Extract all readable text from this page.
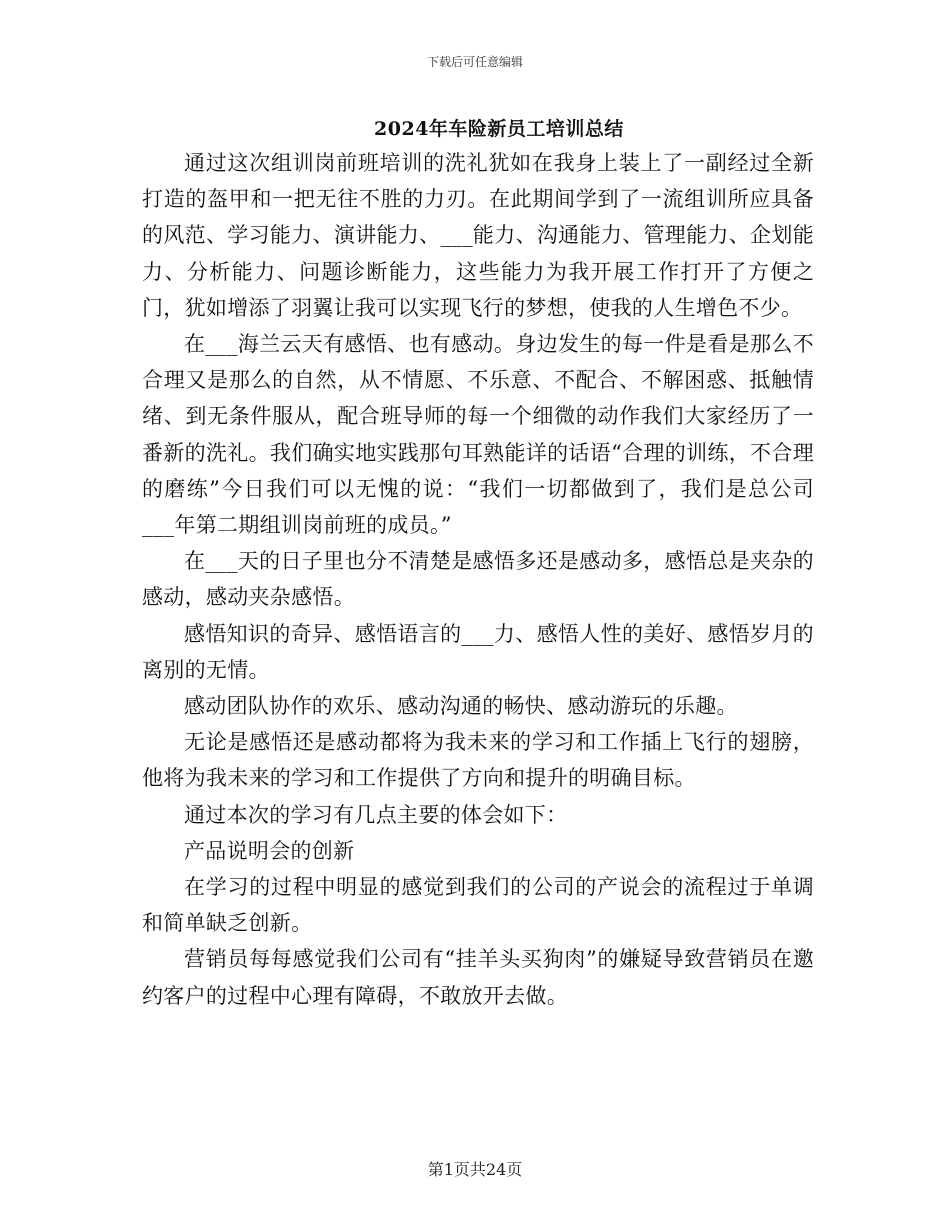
下载后可任意编辑
2024年车险新员工培训总结

通过这次组训岗前班培训的洗礼犹如在我身上装上了一副经过全新打造的盔甲和一把无往不胜的力刃。在此期间学到了一流组训所应具备的风范、学习能力、演讲能力、___能力、沟通能力、管理能力、企划能力、分析能力、问题诊断能力，这些能力为我开展工作打开了方便之门，犹如增添了羽翼让我可以实现飞行的梦想，使我的人生增色不少。

在___海兰云天有感悟、也有感动。身边发生的每一件是看是那么不合理又是那么的自然，从不情愿、不乐意、不配合、不解困惑、抵触情绪、到无条件服从，配合班导师的每一个细微的动作我们大家经历了一番新的洗礼。我们确实地实践那句耳熟能详的话语“合理的训练，不合理的磨练”今日我们可以无愧的说：“我们一切都做到了，我们是总公司___年第二期组训岗前班的成员。”

在___天的日子里也分不清楚是感悟多还是感动多，感悟总是夹杂的感动，感动夹杂感悟。

感悟知识的奇异、感悟语言的___力、感悟人性的美好、感悟岁月的离别的无情。

感动团队协作的欢乐、感动沟通的畅快、感动游玩的乐趣。

无论是感悟还是感动都将为我未来的学习和工作插上飞行的翅膀，他将为我未来的学习和工作提供了方向和提升的明确目标。

通过本次的学习有几点主要的体会如下：

产品说明会的创新

在学习的过程中明显的感觉到我们的公司的产说会的流程过于单调和简单缺乏创新。

营销员每每感觉我们公司有“挂羊头买狗肉”的嫌疑导致营销员在邀约客户的过程中心理有障碍，不敢放开去做。

第1页共24页
